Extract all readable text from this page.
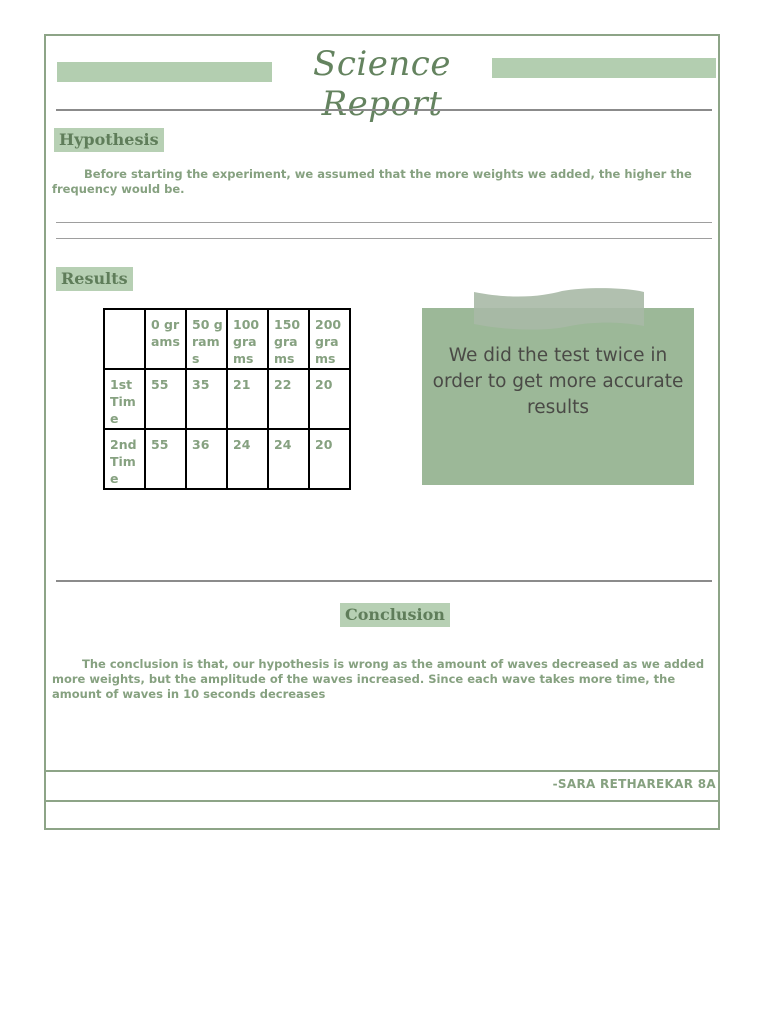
Science Report
Hypothesis
Before starting the experiment, we assumed that the more weights we added, the higher the frequency would be.
Results
	0 grams	50 grams	100 grams	150 grams	200 grams
1st Time	55	35	21	22	20
2nd Time	55	36	24	24	20
We did the test twice in order to get more accurate results
Conclusion
The conclusion is that, our hypothesis is wrong as the amount of waves decreased as we added more weights, but the amplitude of the waves increased. Since each wave takes more time, the amount of waves in 10 seconds decreases
-SARA RETHAREKAR 8A
